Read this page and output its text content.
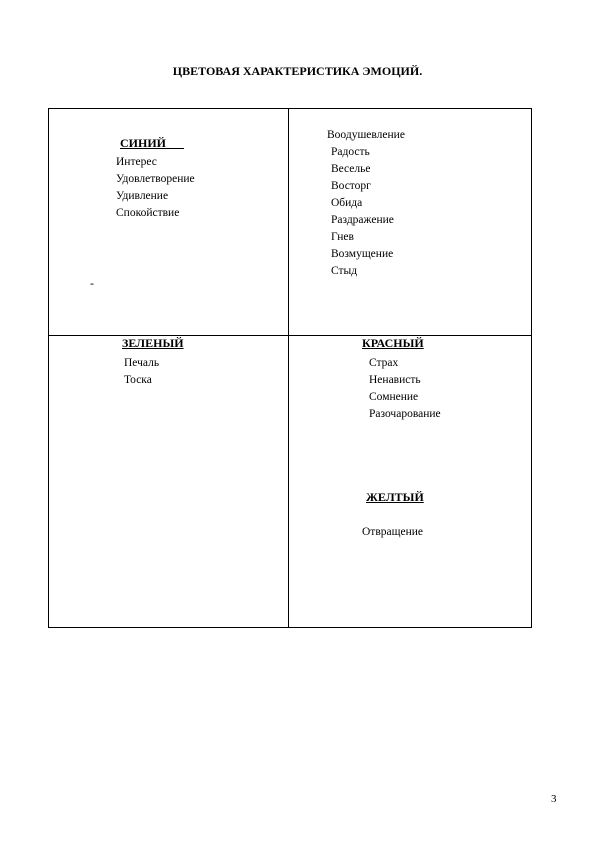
ЦВЕТОВАЯ ХАРАКТЕРИСТИКА ЭМОЦИЙ.
СИНИЙ
Интерес
Удовлетворение
Удивление
Спокойствие
-
Воодушевление
Радость
Веселье
Восторг
Обида
Раздражение
Гнев
Возмущение
Стыд
ЗЕЛЕНЫЙ
Печаль
Тоска
КРАСНЫЙ
Страх
Ненависть
Сомнение
Разочарование
ЖЕЛТЫЙ
Отвращение
3
